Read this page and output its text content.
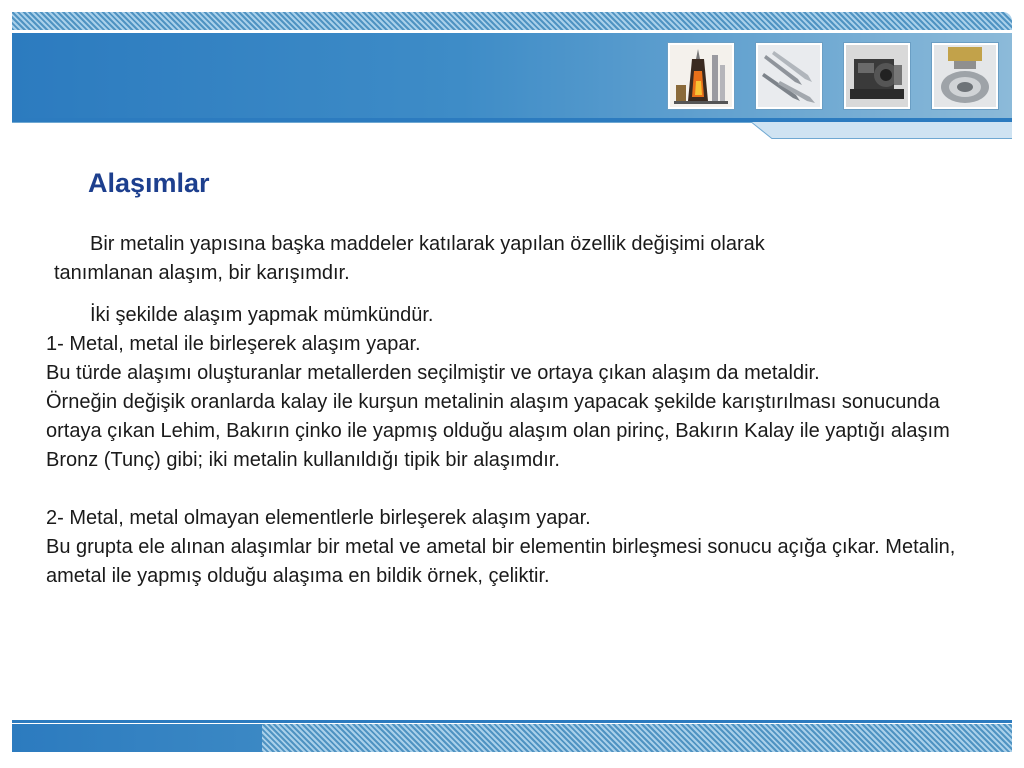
Alaşımlar

Bir metalin yapısına başka maddeler katılarak yapılan özellik değişimi olarak

tanımlanan alaşım, bir karışımdır.

İki şekilde alaşım yapmak mümkündür.

1- Metal, metal ile birleşerek alaşım yapar.

Bu türde alaşımı oluşturanlar metallerden seçilmiştir ve ortaya çıkan alaşım da metaldir.

Örneğin değişik oranlarda kalay ile kurşun metalinin alaşım yapacak şekilde karıştırılması sonucunda ortaya çıkan Lehim, Bakırın çinko ile yapmış olduğu alaşım olan pirinç, Bakırın Kalay ile yaptığı alaşım Bronz (Tunç) gibi; iki metalin kullanıldığı tipik bir alaşımdır.

2- Metal, metal olmayan elementlerle birleşerek alaşım yapar.

Bu grupta ele alınan alaşımlar bir metal ve ametal bir elementin birleşmesi sonucu açığa çıkar. Metalin, ametal ile yapmış olduğu alaşıma en bildik örnek, çeliktir.
